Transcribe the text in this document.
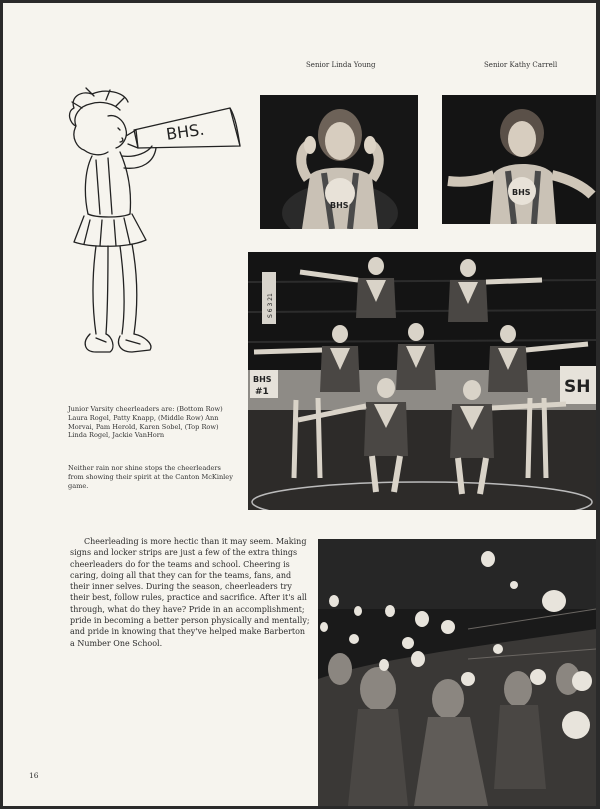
Senior Linda Young	Senior Kathy Carrell
BHS.
BHS
BHS
BHS
#1	SH
S 6 3 21
Junior Varsity cheerleaders are: (Bottom Row) Laura Rogel, Patty Knapp, (Middle Row) Ann Morvai, Pam Herold, Karen Sobel, (Top Row) Linda Rogel, Jackie VanHorn
Neither rain nor shine stops the cheerleaders from showing their spirit at the Canton McKinley game.
Cheerleading is more hectic than it may seem. Making signs and locker strips are just a few of the extra things cheerleaders do for the teams and school. Cheering is caring, doing all that they can for the teams, fans, and their inner selves. During the season, cheerleaders try their best, follow rules, practice and sacrifice. After it's all through, what do they have? Pride in an accomplishment; pride in becoming a better person physically and mentally; and pride in knowing that they've helped make Barberton a Number One School.
16
